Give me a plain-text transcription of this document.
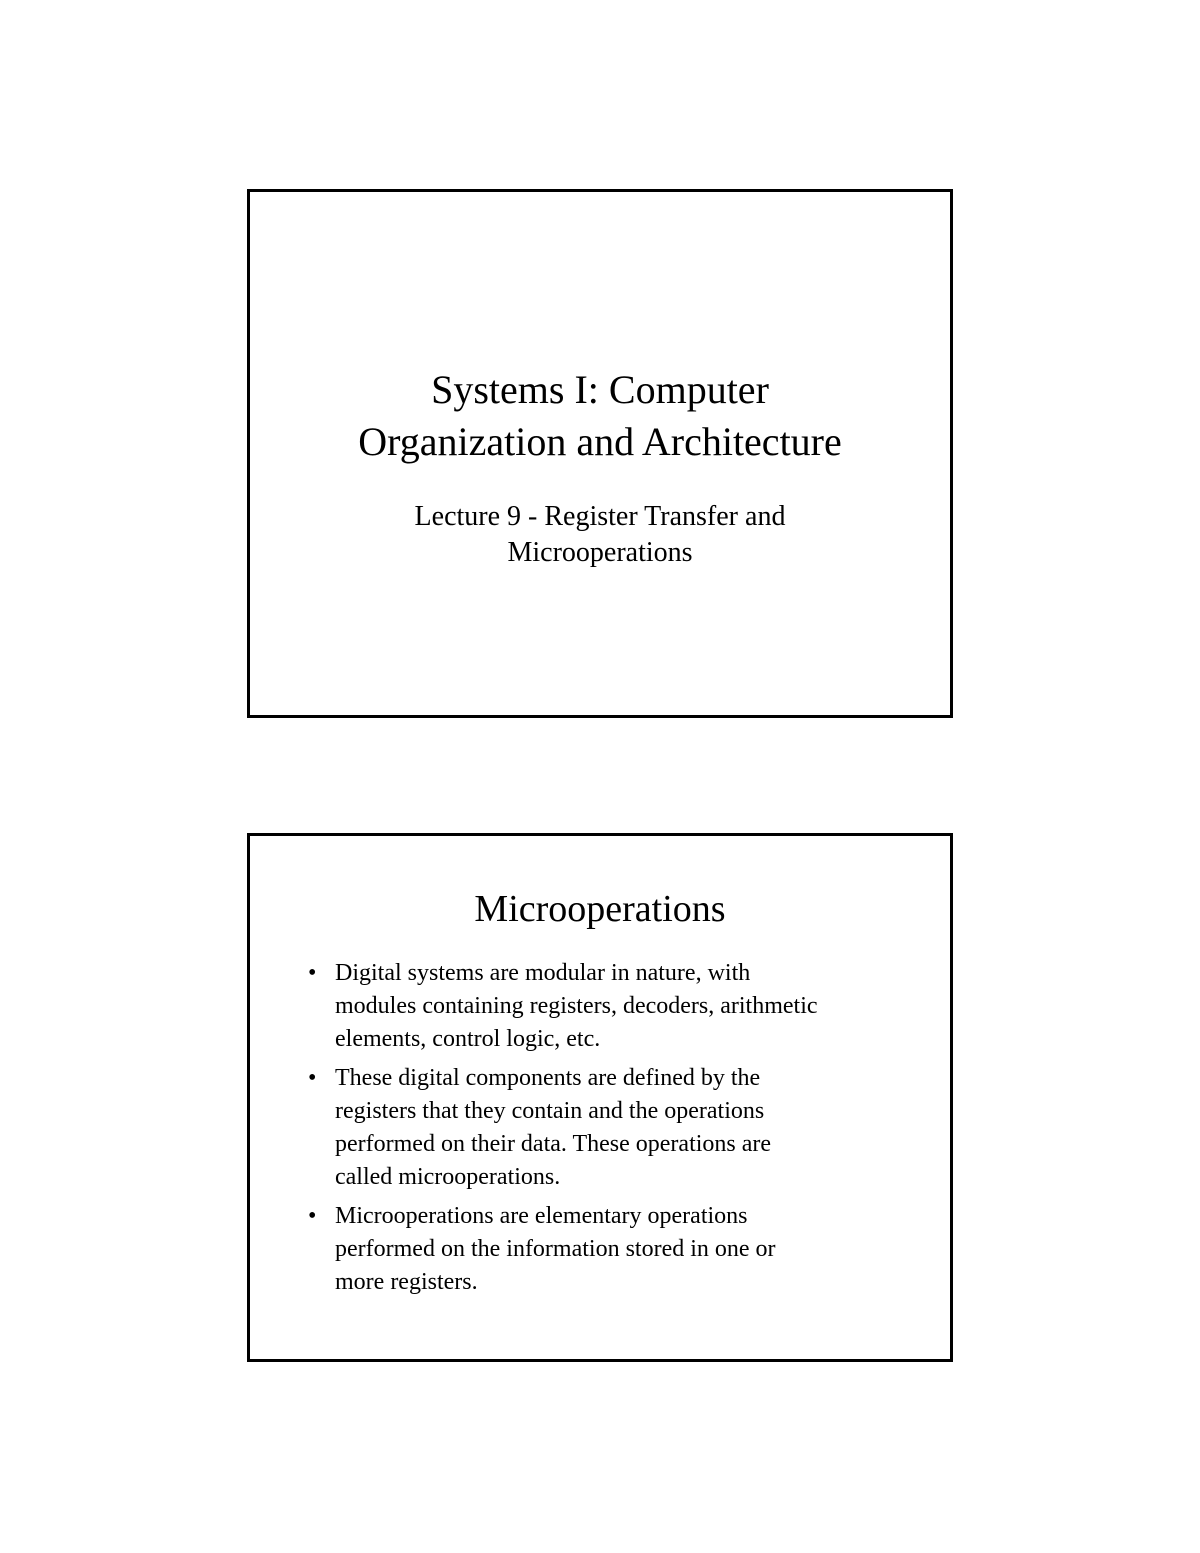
Systems I: Computer
Organization and Architecture
Lecture 9 - Register Transfer and
Microoperations
Microoperations
• Digital systems are modular in nature, with
modules containing registers, decoders, arithmetic
elements, control logic, etc.
• These digital components are defined by the
registers that they contain and the operations
performed on their data. These operations are
called microoperations.
• Microoperations are elementary operations
performed on the information stored in one or
more registers.
